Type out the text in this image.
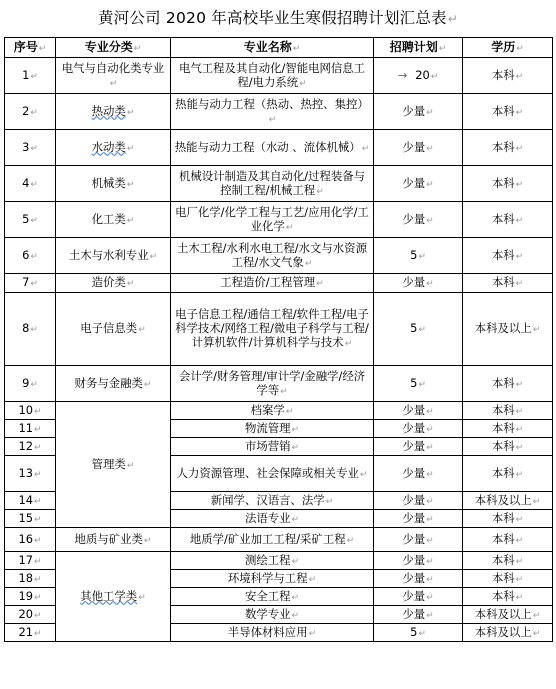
黄河公司 2020 年高校毕业生寒假招聘计划汇总表↵
序号↵	专业分类↵	专业名称↵	招聘计划↵	学历↵
1↵	电气与自动化类专业↵	电气工程及其自动化/智能电网信息工程/电力系统↵	→ 20↵	本科↵
2↵	热动类↵	热能与动力工程（热动、热控、集控）↵	少量↵	本科↵
3↵	水动类↵	热能与动力工程（水动 、流体机械）↵	少量↵	本科↵
4↵	机械类↵	机械设计制造及其自动化/过程装备与控制工程/机械工程↵	少量↵	本科↵
5↵	化工类↵	电厂化学/化学工程与工艺/应用化学/工业化学↵	少量↵	本科↵
6↵	土木与水利专业↵	土木工程/水利水电工程/水文与水资源工程/水文气象↵	5↵	本科↵
7↵	造价类↵	工程造价/工程管理↵	少量↵	本科↵
8↵	电子信息类↵	电子信息工程/通信工程/软件工程/电子科学技术/网络工程/微电子科学与工程/ 计算机软件/计算机科学与技术↵	5↵	本科及以上↵
9↵	财务与金融类↵	会计学/财务管理/审计学/金融学/经济学等↵	5↵	本科↵
10↵	管理类↵	档案学↵	少量↵	本科↵
11↵		物流管理↵	少量↵	本科↵
12↵		市场营销↵	少量↵	本科↵
13↵		人力资源管理、社会保障或相关专业↵	少量↵	本科↵
14↵		新闻学、汉语言、法学↵	少量↵	本科及以上↵
15↵		法语专业↵	少量↵	本科↵
16↵	地质与矿业类↵	地质学/矿业加工工程/采矿工程↵	少量↵	本科↵
17↵	其他工学类↵	测绘工程↵	少量↵	本科↵
18↵		环境科学与工程↵	少量↵	本科↵
19↵		安全工程↵	少量↵	本科↵
20↵		数学专业↵	少量↵	本科及以上↵
21↵		半导体材料应用↵	5↵	本科及以上↵
